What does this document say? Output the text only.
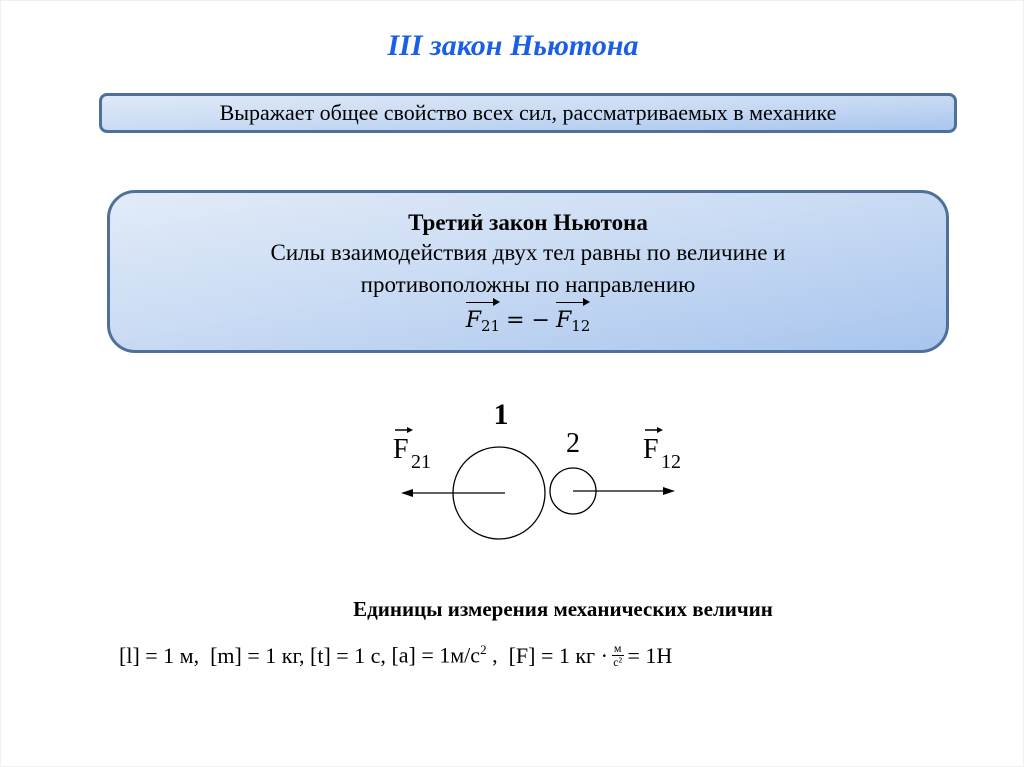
III закон Ньютона
Выражает общее свойство всех сил, рассматриваемых в механике
Третий закон Ньютона
Силы взаимодействия двух тел равны по величине и
противоположны по направлению
$F_{21}$ = − $F_{12}$
1
2
F 21	F 12
Единицы измерения механических величин
[l] = 1 м,
[m] = 1 кг,
[t] = 1 c,
$[a] = 1м/с^2$ ,
[F] = 1 кг · $\frac{м}{\text{с²}} = 1Н$
